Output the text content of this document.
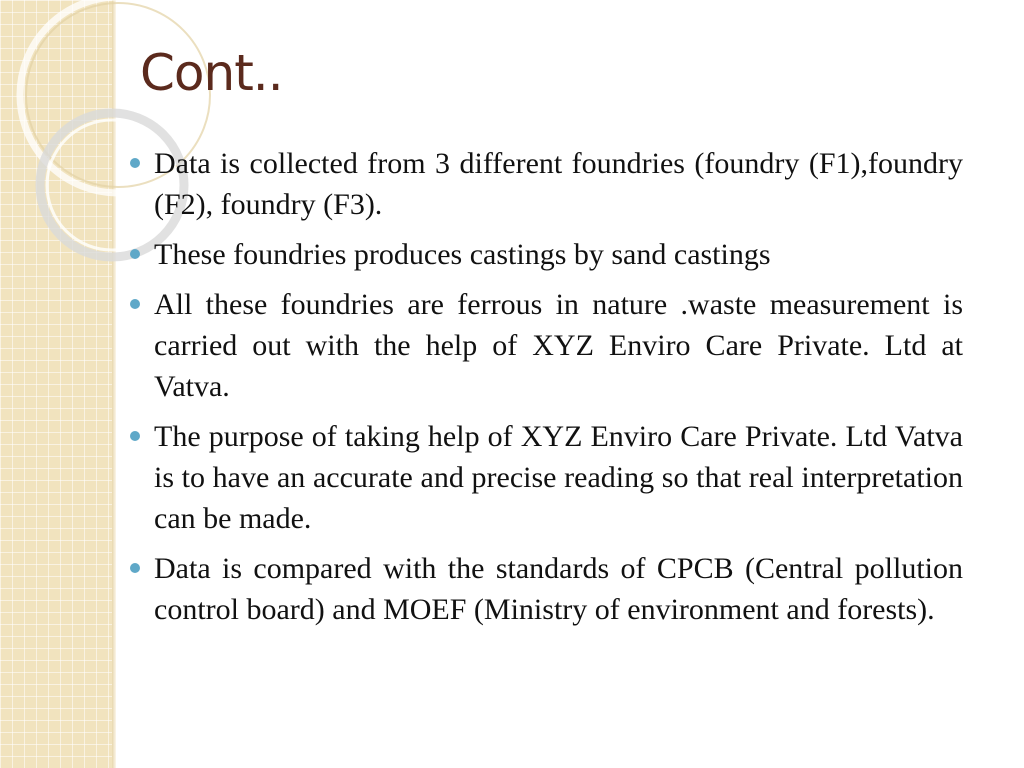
Cont..
Data is collected from 3 different foundries (foundry (F1),foundry (F2), foundry (F3).
These foundries produces castings by sand castings
All these foundries are ferrous in nature .waste measurement is carried out with the help of XYZ Enviro Care Private. Ltd at Vatva.
The purpose of taking help of XYZ Enviro Care Private. Ltd Vatva is to have an accurate and precise reading so that real interpretation can be made.
Data is compared with the standards of CPCB (Central pollution control board) and MOEF (Ministry of environment and forests).
